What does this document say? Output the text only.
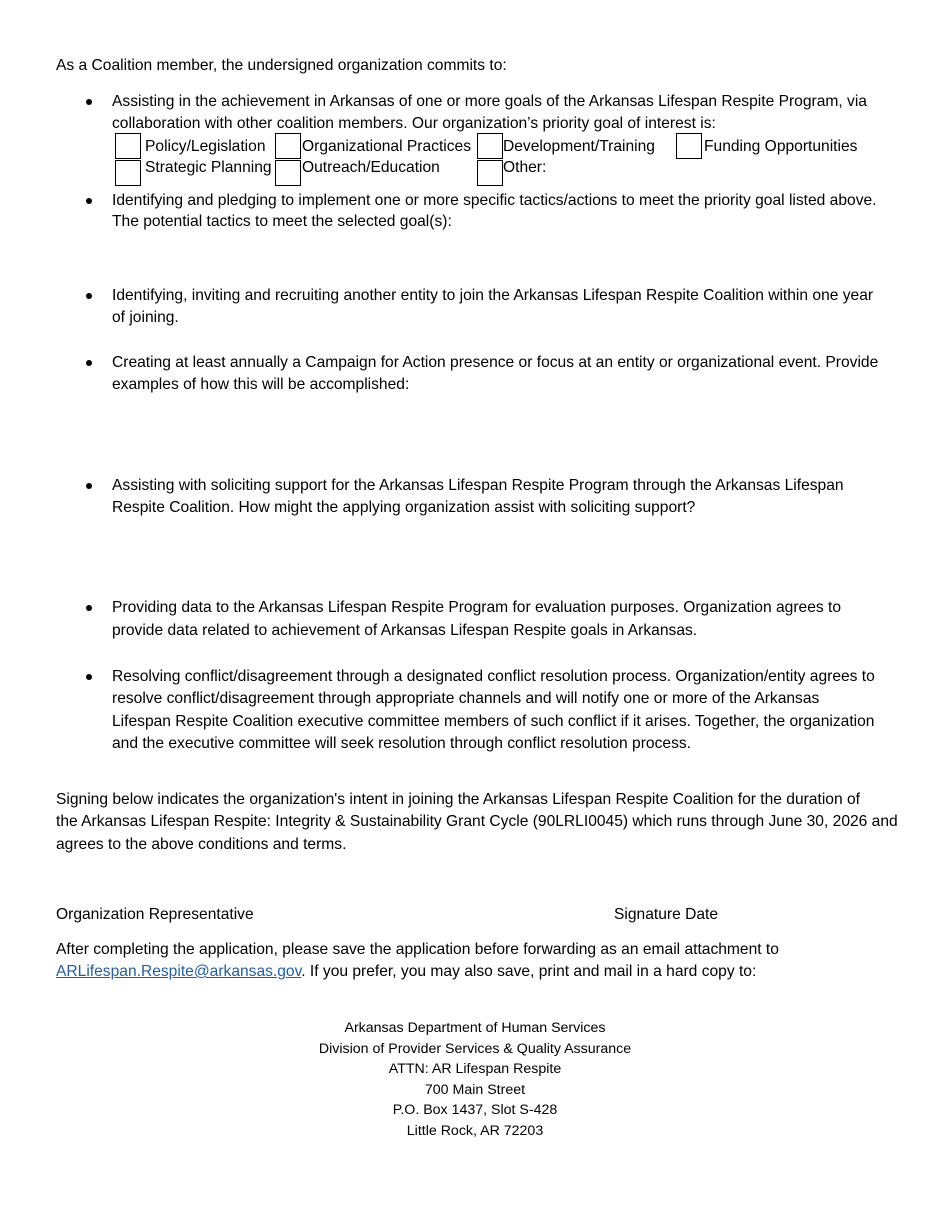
As a Coalition member, the undersigned organization commits to:
Assisting in the achievement in Arkansas of one or more goals of the Arkansas Lifespan Respite Program, via
collaboration with other coalition members. Our organization’s priority goal of interest is:
Policy/Legislation Organizational Practices Development/Training	Funding Opportunities
Strategic Planning Outreach/Education	Other:
Identifying and pledging to implement one or more specific tactics/actions to meet the priority goal listed above.
The potential tactics to meet the selected goal(s):
Identifying, inviting and recruiting another entity to join the Arkansas Lifespan Respite Coalition within one year
of joining.
Creating at least annually a Campaign for Action presence or focus at an entity or organizational event. Provide
examples of how this will be accomplished:
Assisting with soliciting support for the Arkansas Lifespan Respite Program through the Arkansas Lifespan
Respite Coalition. How might the applying organization assist with soliciting support?
Providing data to the Arkansas Lifespan Respite Program for evaluation purposes. Organization agrees to
provide data related to achievement of Arkansas Lifespan Respite goals in Arkansas.
Resolving conflict/disagreement through a designated conflict resolution process. Organization/entity agrees to
resolve conflict/disagreement through appropriate channels and will notify one or more of the Arkansas
Lifespan Respite Coalition executive committee members of such conflict if it arises. Together, the organization
and the executive committee will seek resolution through conflict resolution process.
Signing below indicates the organization's intent in joining the Arkansas Lifespan Respite Coalition for the duration of
the Arkansas Lifespan Respite: Integrity & Sustainability Grant Cycle (90LRLI0045) which runs through June 30, 2026 and
agrees to the above conditions and terms.
Organization Representative	Signature Date
After completing the application, please save the application before forwarding as an email attachment to
ARLifespan.Respite@arkansas.gov. If you prefer, you may also save, print and mail in a hard copy to:
Arkansas Department of Human Services
Division of Provider Services & Quality Assurance
ATTN: AR Lifespan Respite
700 Main Street
P.O. Box 1437, Slot S-428
Little Rock, AR 72203
